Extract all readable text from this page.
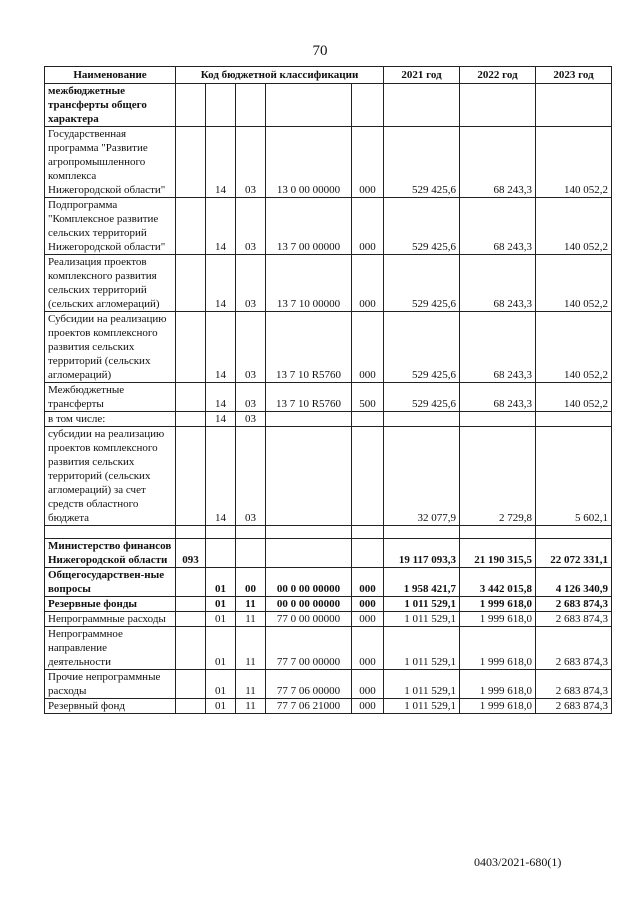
70
Наименование	Код бюджетной классификации					2021 год	2022 год	2023 год
межбюджетные трансферты общего характера								
Государственная программа "Развитие агропромышленного комплекса Нижегородской области"		14	03	13 0 00 00000	000	529 425,6	68 243,3	140 052,2
Подпрограмма "Комплексное развитие сельских территорий Нижегородской области"		14	03	13 7 00 00000	000	529 425,6	68 243,3	140 052,2
Реализация проектов комплексного развития сельских территорий (сельских агломераций)		14	03	13 7 10 00000	000	529 425,6	68 243,3	140 052,2
Субсидии на реализацию проектов комплексного развития сельских территорий (сельских агломераций)		14	03	13 7 10 R5760	000	529 425,6	68 243,3	140 052,2
Межбюджетные трансферты		14	03	13 7 10 R5760	500	529 425,6	68 243,3	140 052,2
в том числе:		14	03					
субсидии на реализацию проектов комплексного развития сельских территорий (сельских агломераций) за счет средств областного бюджета		14	03			32 077,9	2 729,8	5 602,1

Министерство финансов Нижегородской области	093					19 117 093,3	21 190 315,5	22 072 331,1
Общегосударствен-ные вопросы		01	00	00 0 00 00000	000	1 958 421,7	3 442 015,8	4 126 340,9
Резервные фонды		01	11	00 0 00 00000	000	1 011 529,1	1 999 618,0	2 683 874,3
Непрограммные расходы		01	11	77 0 00 00000	000	1 011 529,1	1 999 618,0	2 683 874,3
Непрограммное направление деятельности		01	11	77 7 00 00000	000	1 011 529,1	1 999 618,0	2 683 874,3
Прочие непрограммные расходы		01	11	77 7 06 00000	000	1 011 529,1	1 999 618,0	2 683 874,3
Резервный фонд		01	11	77 7 06 21000	000	1 011 529,1	1 999 618,0	2 683 874,3
0403/2021-680(1)
